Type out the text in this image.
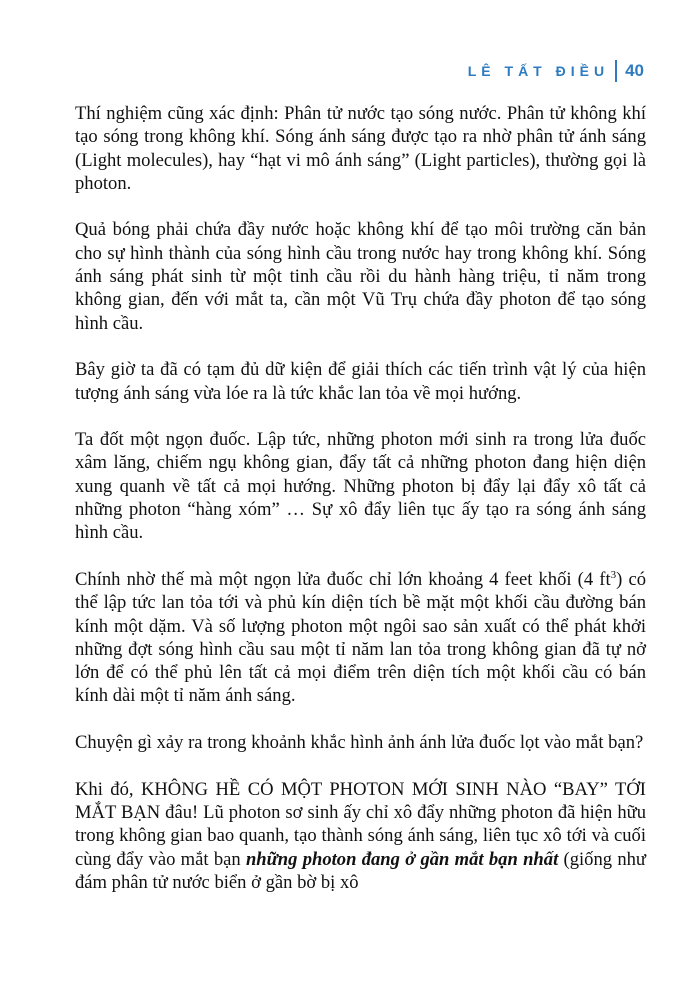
LÊ TẤT ĐIỀU 40

Thí nghiệm cũng xác định: Phân tử nước tạo sóng nước. Phân tử không khí tạo sóng trong không khí. Sóng ánh sáng được tạo ra nhờ phân tử ánh sáng (Light molecules), hay “hạt vi mô ánh sáng” (Light particles), thường gọi là photon.

Quả bóng phải chứa đầy nước hoặc không khí để tạo môi trường căn bản cho sự hình thành của sóng hình cầu trong nước hay trong không khí. Sóng ánh sáng phát sinh từ một tinh cầu rồi du hành hàng triệu, tỉ năm trong không gian, đến với mắt ta, cần một Vũ Trụ chứa đầy photon để tạo sóng hình cầu.

Bây giờ ta đã có tạm đủ dữ kiện để giải thích các tiến trình vật lý của hiện tượng ánh sáng vừa lóe ra là tức khắc lan tỏa về mọi hướng.

Ta đốt một ngọn đuốc. Lập tức, những photon mới sinh ra trong lửa đuốc xâm lăng, chiếm ngụ không gian, đẩy tất cả những photon đang hiện diện xung quanh về tất cả mọi hướng. Những photon bị đẩy lại đẩy xô tất cả những photon “hàng xóm” … Sự xô đẩy liên tục ấy tạo ra sóng ánh sáng hình cầu.

Chính nhờ thế mà một ngọn lửa đuốc chỉ lớn khoảng 4 feet khối (4 $ft^3$) có thể lập tức lan tỏa tới và phủ kín diện tích bề mặt một khối cầu đường bán kính một dặm. Và số lượng photon một ngôi sao sản xuất có thể phát khởi những đợt sóng hình cầu sau một tỉ năm lan tỏa trong không gian đã tự nở lớn để có thể phủ lên tất cả mọi điểm trên diện tích một khối cầu có bán kính dài một tỉ năm ánh sáng.

Chuyện gì xảy ra trong khoảnh khắc hình ảnh ánh lửa đuốc lọt vào mắt bạn?

Khi đó, KHÔNG HỀ CÓ MỘT PHOTON MỚI SINH NÀO “BAY” TỚI MẮT BẠN đâu! Lũ photon sơ sinh ấy chỉ xô đẩy những photon đã hiện hữu trong không gian bao quanh, tạo thành sóng ánh sáng, liên tục xô tới và cuối cùng đẩy vào mắt bạn những photon đang ở gần mắt bạn nhất (giống như đám phân tử nước biển ở gần bờ bị xô
